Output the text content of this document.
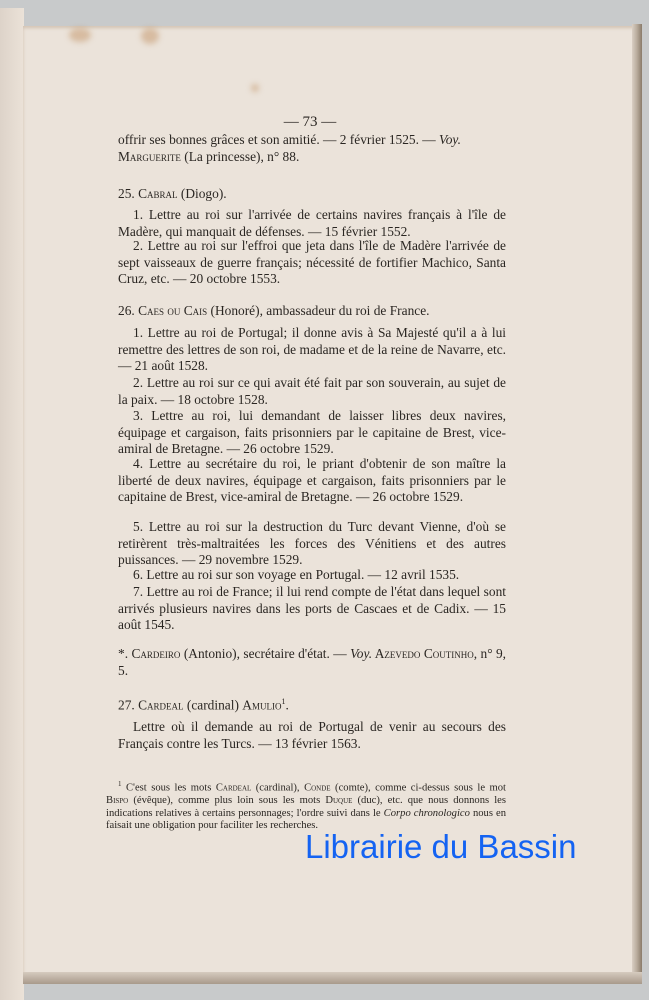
— 73 —
offrir ses bonnes grâces et son amitié. — 2 février 1525. — Voy.
Marguerite (La princesse), n° 88.
25. Cabral (Diogo).
1. Lettre au roi sur l'arrivée de certains navires français à l'île de Madère, qui manquait de défenses. — 15 février 1552.
2. Lettre au roi sur l'effroi que jeta dans l'île de Madère l'arrivée de sept vaisseaux de guerre français; nécessité de fortifier Machico, Santa Cruz, etc. — 20 octobre 1553.
26. Caes ou Cais (Honoré), ambassadeur du roi de France.
1. Lettre au roi de Portugal; il donne avis à Sa Majesté qu'il a à lui remettre des lettres de son roi, de madame et de la reine de Navarre, etc. — 21 août 1528.
2. Lettre au roi sur ce qui avait été fait par son souverain, au sujet de la paix. — 18 octobre 1528.
3. Lettre au roi, lui demandant de laisser libres deux navires, équipage et cargaison, faits prisonniers par le capitaine de Brest, vice-amiral de Bretagne. — 26 octobre 1529.
4. Lettre au secrétaire du roi, le priant d'obtenir de son maître la liberté de deux navires, équipage et cargaison, faits prisonniers par le capitaine de Brest, vice-amiral de Bretagne. — 26 octobre 1529.
5. Lettre au roi sur la destruction du Turc devant Vienne, d'où se retirèrent très-maltraitées les forces des Vénitiens et des autres puissances. — 29 novembre 1529.
6. Lettre au roi sur son voyage en Portugal. — 12 avril 1535.
7. Lettre au roi de France; il lui rend compte de l'état dans lequel sont arrivés plusieurs navires dans les ports de Cascaes et de Cadix. — 15 août 1545.
*. Cardeiro (Antonio), secrétaire d'état. — Voy. Azevedo Coutinho, n° 9, 5.
27. Cardeal (cardinal) Amulio$^1$.
Lettre où il demande au roi de Portugal de venir au secours des Français contre les Turcs. — 13 février 1563.
$^1$ C'est sous les mots Cardeal (cardinal), Conde (comte), comme ci-dessus sous le mot Bispo (évêque), comme plus loin sous les mots Duque (duc), etc. que nous donnons les indications relatives à certains personnages; l'ordre suivi dans le Corpo chronologico nous en faisait une obligation pour faciliter les recherches.
Librairie du Bassin
